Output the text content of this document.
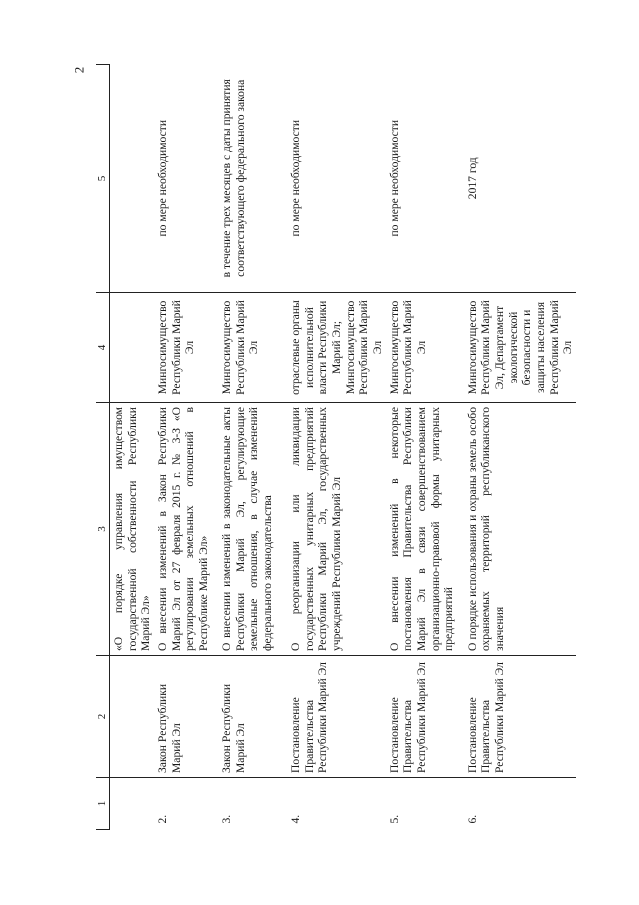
2
1	2	3	4	5
		«О порядке управления имуществом государственной собственности Республики Марий Эл»		
2.	Закон Республики Марий Эл	О внесении изменений в Закон Республики Марий Эл от 27 февраля 2015 г. № 3-З «О регулировании земельных отношений в Республике Марий Эл»	Мингосимущество Республики Марий Эл	по мере необходимости
3.	Закон Республики Марий Эл	О внесении изменений в законодательные акты Республики Марий Эл, регулирующие земельные отношения, в случае изменений федерального законодательства	Мингосимущество Республики Марий Эл	в течение трех месяцев с даты принятия соответствующего федерального закона
4.	Постановление Правительства Республики Марий Эл	О реорганизации или ликвидации государственных унитарных предприятий Республики Марий Эл, государственных учреждений Республики Марий Эл	отраслевые органы исполнительной власти Республики Марий Эл; Мингосимущество Республики Марий Эл	по мере необходимости
5.	Постановление Правительства Республики Марий Эл	О внесении изменений в некоторые постановления Правительства Республики Марий Эл в связи совершенствованием организационно-правовой формы унитарных предприятий	Мингосимущество Республики Марий Эл	по мере необходимости
6.	Постановление Правительства Республики Марий Эл	О порядке использования и охраны земель особо охраняемых территорий республиканского значения	Мингосимущество Республики Марий Эл, Департамент экологической безопасности и защиты населения Республики Марий Эл	2017 год
